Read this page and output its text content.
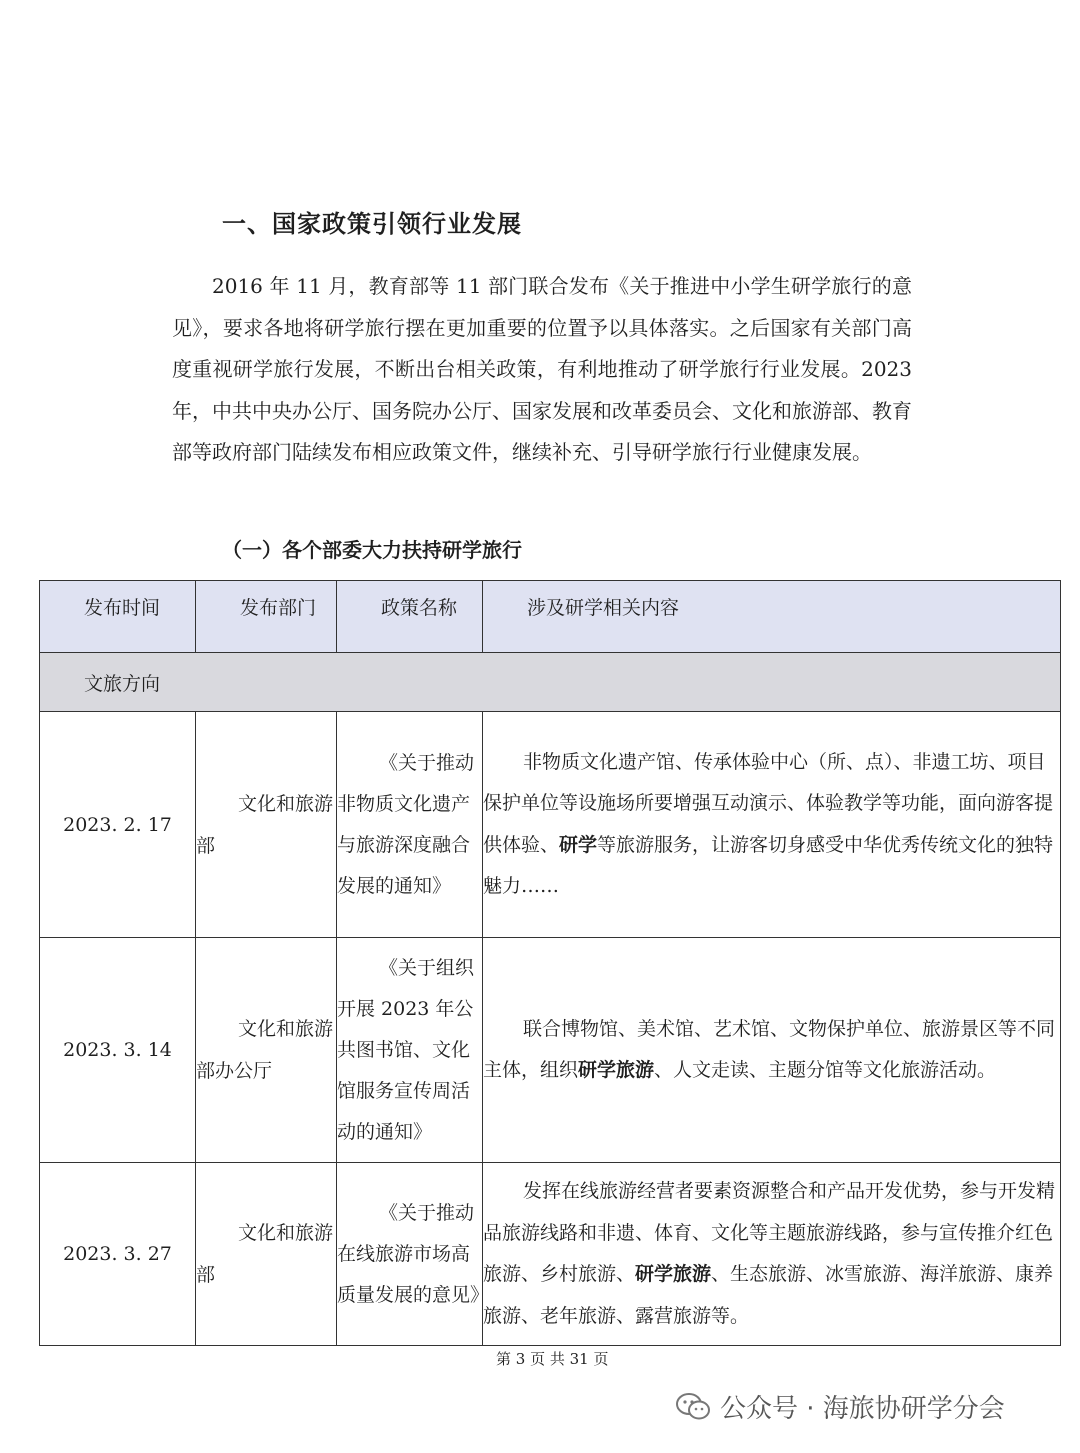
一、国家政策引领行业发展

2016 年 11 月，教育部等 11 部门联合发布《关于推进中小学生研学旅行的意见》，要求各地将研学旅行摆在更加重要的位置予以具体落实。之后国家有关部门高度重视研学旅行发展，不断出台相关政策，有利地推动了研学旅行行业发展。2023 年，中共中央办公厅、国务院办公厅、国家发展和改革委员会、文化和旅游部、教育部等政府部门陆续发布相应政策文件，继续补充、引导研学旅行行业健康发展。

（一）各个部委大力扶持研学旅行
发布时间	发布部门	政策名称	涉及研学相关内容
文旅方向			
2023. 2. 17	文化和旅游部	《关于推动非物质文化遗产与旅游深度融合发展的通知》	非物质文化遗产馆、传承体验中心（所、点）、非遗工坊、项目保护单位等设施场所要增强互动演示、体验教学等功能，面向游客提供体验、研学等旅游服务，让游客切身感受中华优秀传统文化的独特魅力……
2023. 3. 14	文化和旅游部办公厅	《关于组织开展 2023 年公共图书馆、文化馆服务宣传周活动的通知》	联合博物馆、美术馆、艺术馆、文物保护单位、旅游景区等不同主体，组织研学旅游、人文走读、主题分馆等文化旅游活动。
2023. 3. 27	文化和旅游部	《关于推动在线旅游市场高质量发展的意见》	发挥在线旅游经营者要素资源整合和产品开发优势，参与开发精品旅游线路和非遗、体育、文化等主题旅游线路，参与宣传推介红色旅游、乡村旅游、研学旅游、生态旅游、冰雪旅游、海洋旅游、康养旅游、老年旅游、露营旅游等。
第 3 页 共 31 页
公众号 · 海旅协研学分会
